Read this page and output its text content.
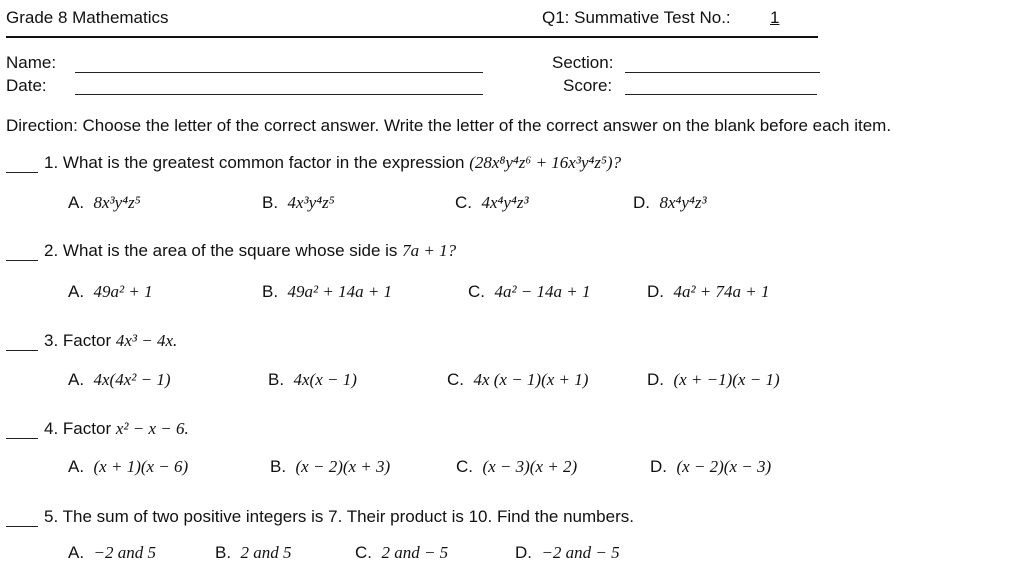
Grade 8 Mathematics	Q1: Summative Test No.: 1
Name:
Date:
Section:
Score:
Direction: Choose the letter of the correct answer. Write the letter of the correct answer on the blank before each item.
1. What is the greatest common factor in the expression (28x⁸y⁴z⁶ + 16x³y⁴z⁵)?
A. 8x³y⁴z⁵	B. 4x³y⁴z⁵	C. 4x⁴y⁴z³	D. 8x⁴y⁴z³
2. What is the area of the square whose side is 7a + 1?
A. 49a² + 1	B. 49a² + 14a + 1	C. 4a² − 14a + 1	D. 4a² + 74a + 1
3. Factor 4x³ − 4x.
A. 4x(4x² − 1)	B. 4x(x − 1)	C. 4x (x − 1)(x + 1)	D. (x + −1)(x − 1)
4. Factor x² − x − 6.
A. (x + 1)(x − 6)	B. (x − 2)(x + 3)	C. (x − 3)(x + 2)	D. (x − 2)(x − 3)
5. The sum of two positive integers is 7. Their product is 10. Find the numbers.
A. −2 and 5	B. 2 and 5	C. 2 and − 5	D. −2 and − 5
